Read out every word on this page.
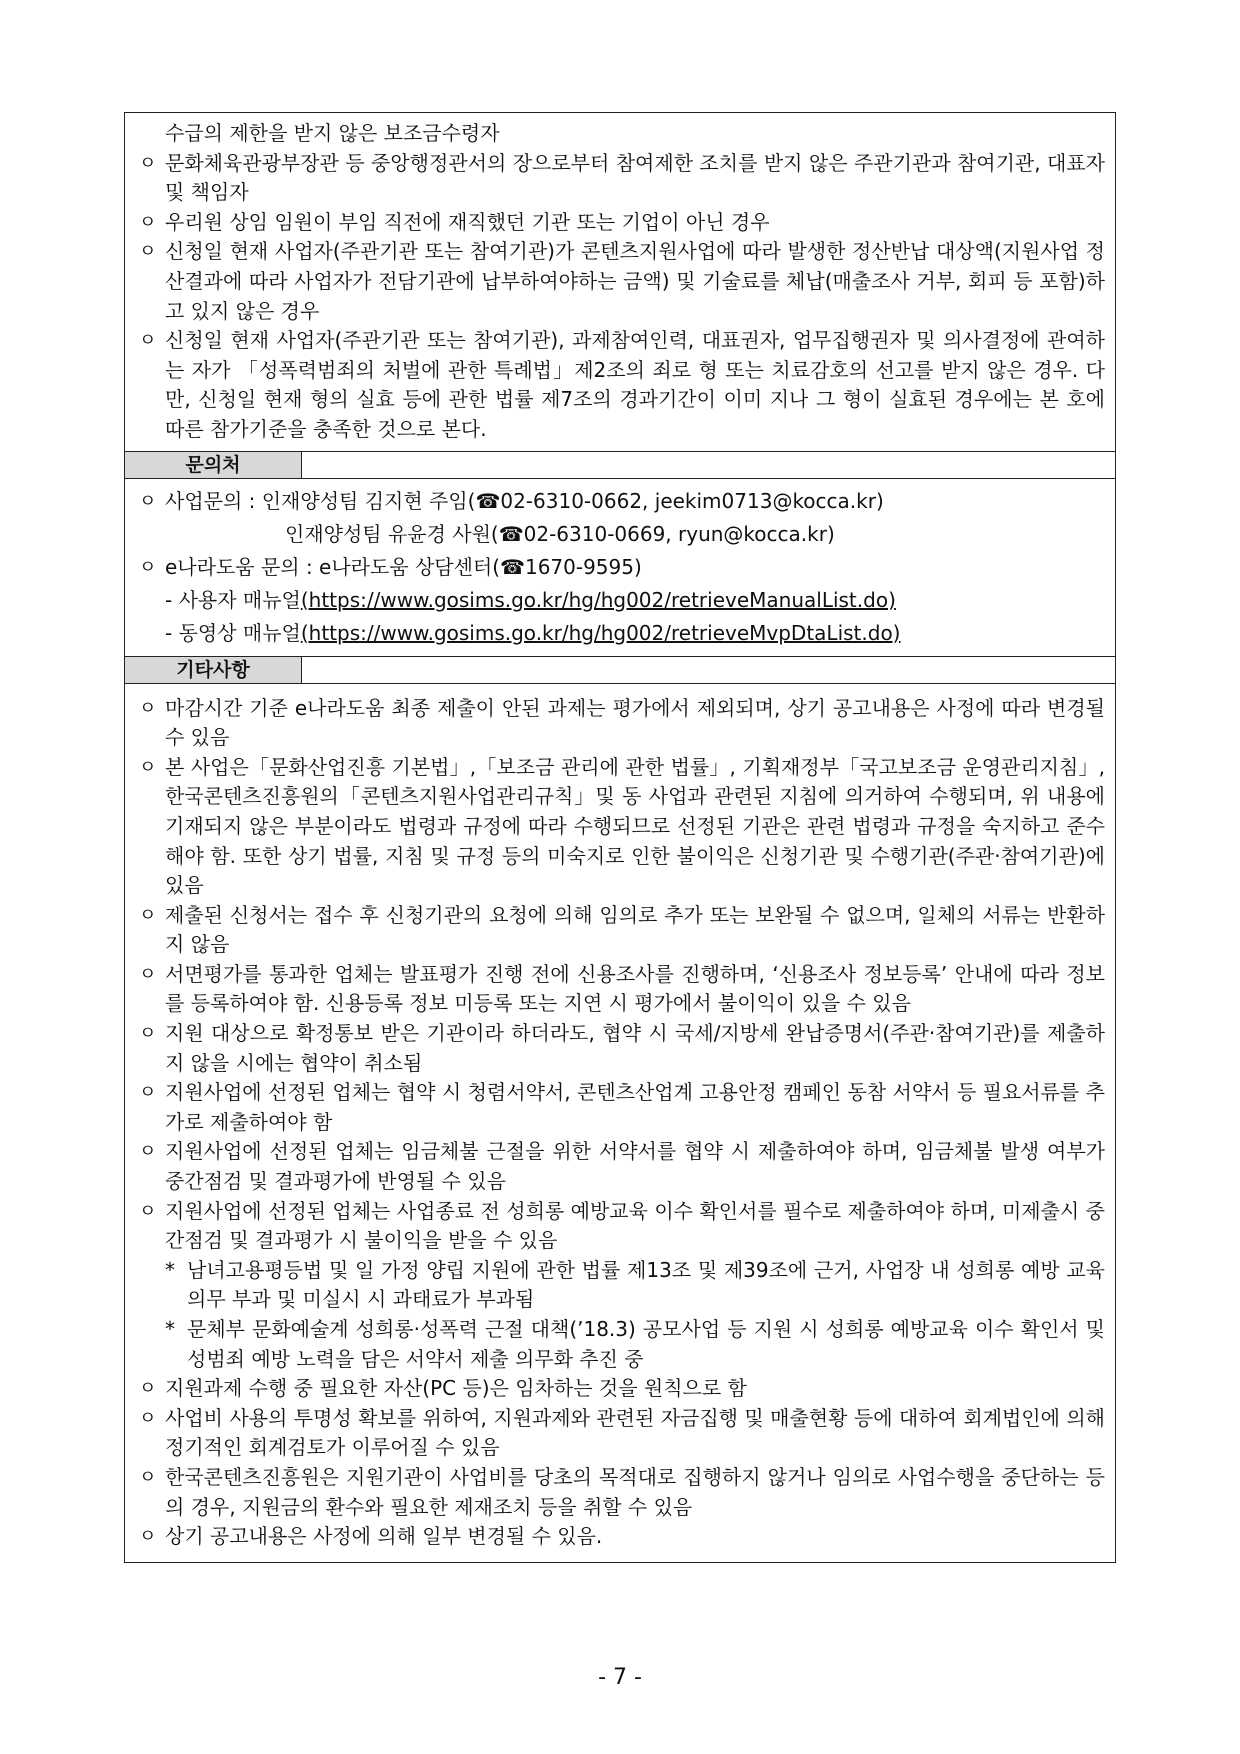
수급의 제한을 받지 않은 보조금수령자
ㅇ 문화체육관광부장관 등 중앙행정관서의 장으로부터 참여제한 조치를 받지 않은 주관기관과 참여기관, 대표자 및 책임자
ㅇ 우리원 상임 임원이 부임 직전에 재직했던 기관 또는 기업이 아닌 경우
ㅇ 신청일 현재 사업자(주관기관 또는 참여기관)가 콘텐츠지원사업에 따라 발생한 정산반납 대상액(지원사업 정산결과에 따라 사업자가 전담기관에 납부하여야하는 금액) 및 기술료를 체납(매출조사 거부, 회피 등 포함)하고 있지 않은 경우
ㅇ 신청일 현재 사업자(주관기관 또는 참여기관), 과제참여인력, 대표권자, 업무집행권자 및 의사결정에 관여하는 자가 「성폭력범죄의 처벌에 관한 특례법」제2조의 죄로 형 또는 치료감호의 선고를 받지 않은 경우. 다만, 신청일 현재 형의 실효 등에 관한 법률 제7조의 경과기간이 이미 지나 그 형이 실효된 경우에는 본 호에 따른 참가기준을 충족한 것으로 본다.
문의처
ㅇ 사업문의 : 인재양성팀 김지현 주임(☎02-6310-0662, jeekim0713@kocca.kr)
인재양성팀 유윤경 사원(☎02-6310-0669, ryun@kocca.kr)
ㅇ e나라도움 문의 : e나라도움 상담센터(☎1670-9595)
- 사용자 매뉴얼(https://www.gosims.go.kr/hg/hg002/retrieveManualList.do)
- 동영상 매뉴얼(https://www.gosims.go.kr/hg/hg002/retrieveMvpDtaList.do)
기타사항
ㅇ 마감시간 기준 e나라도움 최종 제출이 안된 과제는 평가에서 제외되며, 상기 공고내용은 사정에 따라 변경될 수 있음
ㅇ 본 사업은「문화산업진흥 기본법」,「보조금 관리에 관한 법률」, 기획재정부「국고보조금 운영관리지침」, 한국콘텐츠진흥원의「콘텐츠지원사업관리규칙」및 동 사업과 관련된 지침에 의거하여 수행되며, 위 내용에 기재되지 않은 부분이라도 법령과 규정에 따라 수행되므로 선정된 기관은 관련 법령과 규정을 숙지하고 준수해야 함. 또한 상기 법률, 지침 및 규정 등의 미숙지로 인한 불이익은 신청기관 및 수행기관(주관·참여기관)에 있음
ㅇ 제출된 신청서는 접수 후 신청기관의 요청에 의해 임의로 추가 또는 보완될 수 없으며, 일체의 서류는 반환하지 않음
ㅇ 서면평가를 통과한 업체는 발표평가 진행 전에 신용조사를 진행하며, ‘신용조사 정보등록’ 안내에 따라 정보를 등록하여야 함. 신용등록 정보 미등록 또는 지연 시 평가에서 불이익이 있을 수 있음
ㅇ 지원 대상으로 확정통보 받은 기관이라 하더라도, 협약 시 국세/지방세 완납증명서(주관·참여기관)를 제출하지 않을 시에는 협약이 취소됨
ㅇ 지원사업에 선정된 업체는 협약 시 청렴서약서, 콘텐츠산업계 고용안정 캠페인 동참 서약서 등 필요서류를 추가로 제출하여야 함
ㅇ 지원사업에 선정된 업체는 임금체불 근절을 위한 서약서를 협약 시 제출하여야 하며, 임금체불 발생 여부가 중간점검 및 결과평가에 반영될 수 있음
ㅇ 지원사업에 선정된 업체는 사업종료 전 성희롱 예방교육 이수 확인서를 필수로 제출하여야 하며, 미제출시 중간점검 및 결과평가 시 불이익을 받을 수 있음
* 남녀고용평등법 및 일 가정 양립 지원에 관한 법률 제13조 및 제39조에 근거, 사업장 내 성희롱 예방 교육 의무 부과 및 미실시 시 과태료가 부과됨
* 문체부 문화예술계 성희롱·성폭력 근절 대책(’18.3) 공모사업 등 지원 시 성희롱 예방교육 이수 확인서 및 성범죄 예방 노력을 담은 서약서 제출 의무화 추진 중
ㅇ 지원과제 수행 중 필요한 자산(PC 등)은 임차하는 것을 원칙으로 함
ㅇ 사업비 사용의 투명성 확보를 위하여, 지원과제와 관련된 자금집행 및 매출현황 등에 대하여 회계법인에 의해 정기적인 회계검토가 이루어질 수 있음
ㅇ 한국콘텐츠진흥원은 지원기관이 사업비를 당초의 목적대로 집행하지 않거나 임의로 사업수행을 중단하는 등의 경우, 지원금의 환수와 필요한 제재조치 등을 취할 수 있음
ㅇ 상기 공고내용은 사정에 의해 일부 변경될 수 있음.
- 7 -
